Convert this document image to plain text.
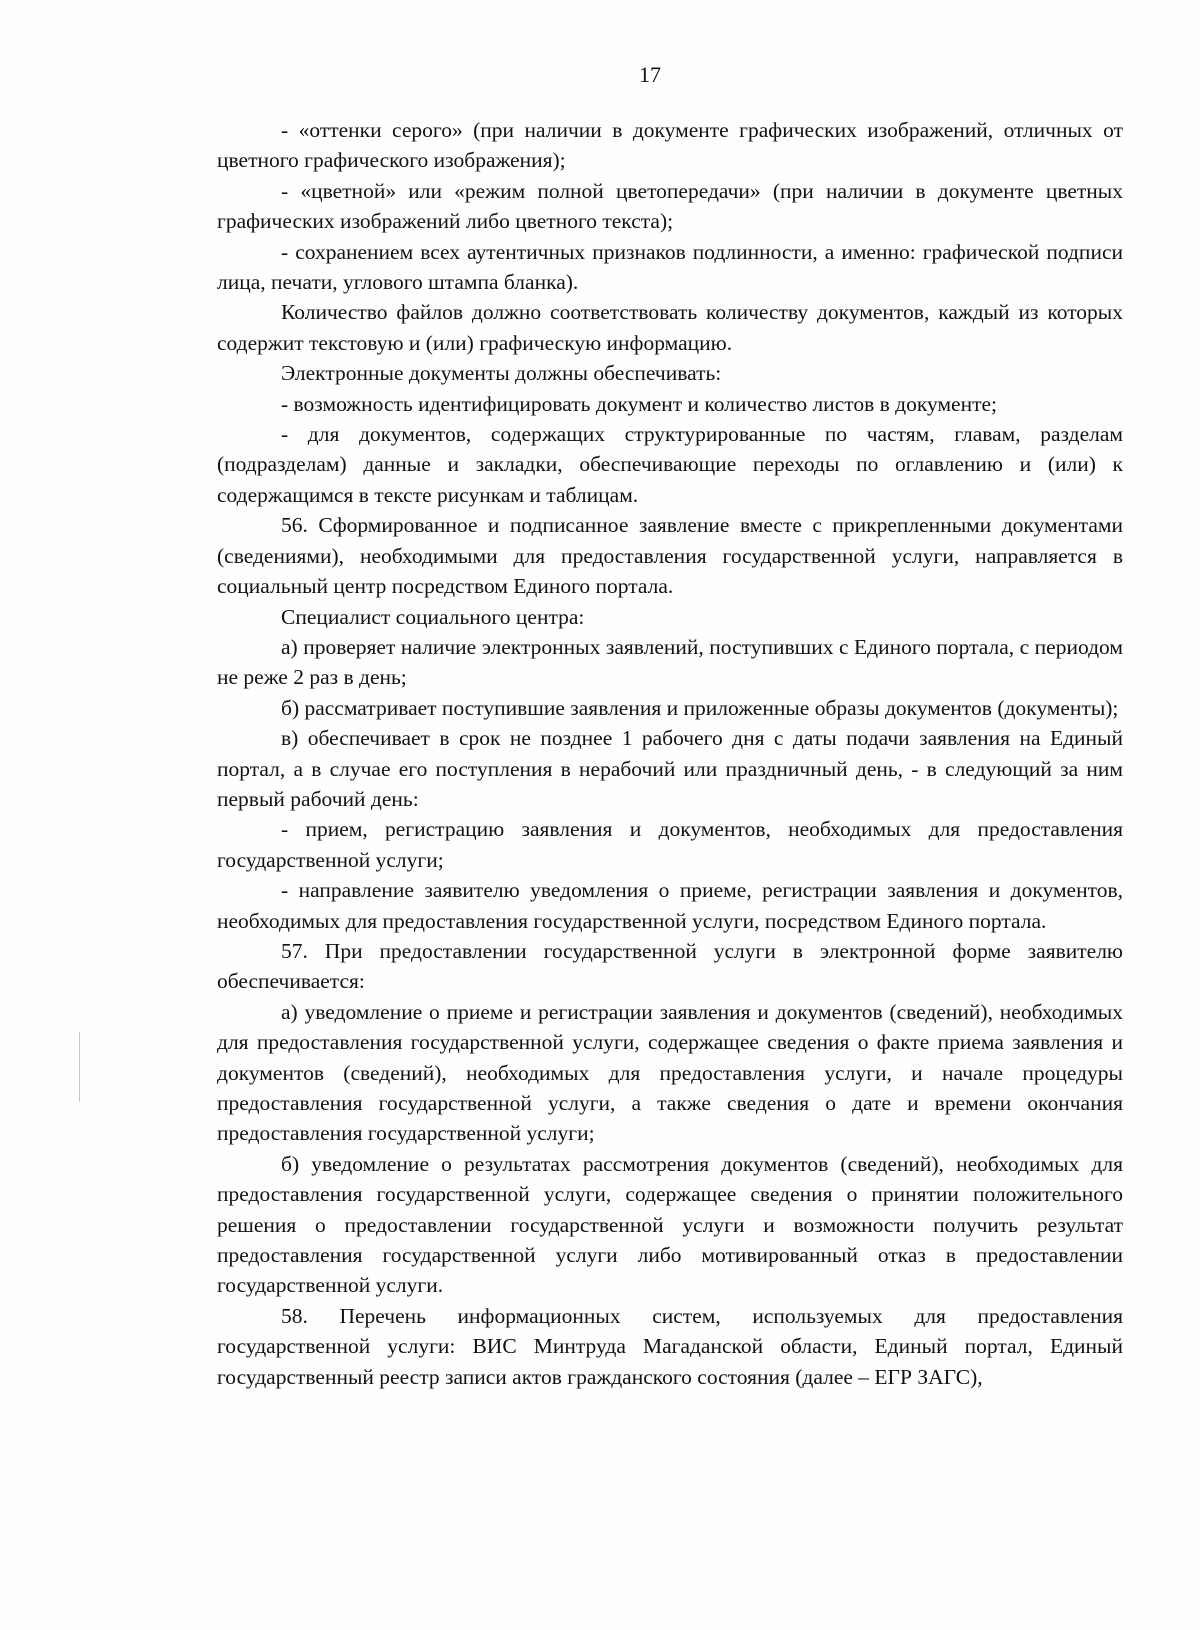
17

- «оттенки серого» (при наличии в документе графических изображений, отличных от цветного графического изображения);

- «цветной» или «режим полной цветопередачи» (при наличии в документе цветных графических изображений либо цветного текста);

- сохранением всех аутентичных признаков подлинности, а именно: графической подписи лица, печати, углового штампа бланка).

Количество файлов должно соответствовать количеству документов, каждый из которых содержит текстовую и (или) графическую информацию.

Электронные документы должны обеспечивать:

- возможность идентифицировать документ и количество листов в документе;

- для документов, содержащих структурированные по частям, главам, разделам (подразделам) данные и закладки, обеспечивающие переходы по оглавлению и (или) к содержащимся в тексте рисункам и таблицам.

56. Сформированное и подписанное заявление вместе с прикрепленными документами (сведениями), необходимыми для предоставления государственной услуги, направляется в социальный центр посредством Единого портала.

Специалист социального центра:

а) проверяет наличие электронных заявлений, поступивших с Единого портала, с периодом не реже 2 раз в день;

б) рассматривает поступившие заявления и приложенные образы документов (документы);

в) обеспечивает в срок не позднее 1 рабочего дня с даты подачи заявления на Единый портал, а в случае его поступления в нерабочий или праздничный день, - в следующий за ним первый рабочий день:

- прием, регистрацию заявления и документов, необходимых для предоставления государственной услуги;

- направление заявителю уведомления о приеме, регистрации заявления и документов, необходимых для предоставления государственной услуги, посредством Единого портала.

57. При предоставлении государственной услуги в электронной форме заявителю обеспечивается:

а) уведомление о приеме и регистрации заявления и документов (сведений), необходимых для предоставления государственной услуги, содержащее сведения о факте приема заявления и документов (сведений), необходимых для предоставления услуги, и начале процедуры предоставления государственной услуги, а также сведения о дате и времени окончания предоставления государственной услуги;

б) уведомление о результатах рассмотрения документов (сведений), необходимых для предоставления государственной услуги, содержащее сведения о принятии положительного решения о предоставлении государственной услуги и возможности получить результат предоставления государственной услуги либо мотивированный отказ в предоставлении государственной услуги.

58. Перечень информационных систем, используемых для предоставления государственной услуги: ВИС Минтруда Магаданской области, Единый портал, Единый государственный реестр записи актов гражданского состояния (далее – ЕГР ЗАГС),
